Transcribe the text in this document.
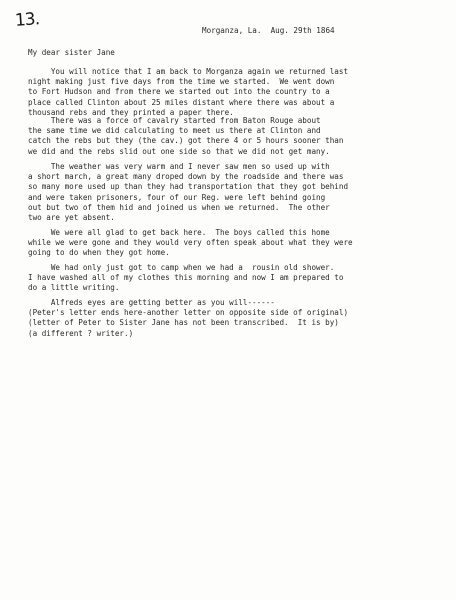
13.	Morganza, La.  Aug. 29th 1864
My dear sister Jane
You will notice that I am back to Morganza again we returned last
night making just five days from the time we started.  We went down
to Fort Hudson and from there we started out into the country to a
place called Clinton about 25 miles distant where there was about a
thousand rebs and they printed a paper there.
There was a force of cavalry started from Baton Rouge about
the same time we did calculating to meet us there at Clinton and
catch the rebs but they (the cav.) got there 4 or 5 hours sooner than
we did and the rebs slid out one side so that we did not get many.
The weather was very warm and I never saw men so used up with
a short march, a great many droped down by the roadside and there was
so many more used up than they had transportation that they got behind
and were taken prisoners, four of our Reg. were left behind going
out but two of them hid and joined us when we returned.  The other
two are yet absent.
We were all glad to get back here.  The boys called this home
while we were gone and they would very often speak about what they were
going to do when they got home.
We had only just got to camp when we had a  rousin old shower.
I have washed all of my clothes this morning and now I am prepared to
do a little writing.
Alfreds eyes are getting better as you will------
(Peter's letter ends here-another letter on opposite side of original)
(letter of Peter to Sister Jane has not been transcribed.  It is by)
(a different ? writer.)
